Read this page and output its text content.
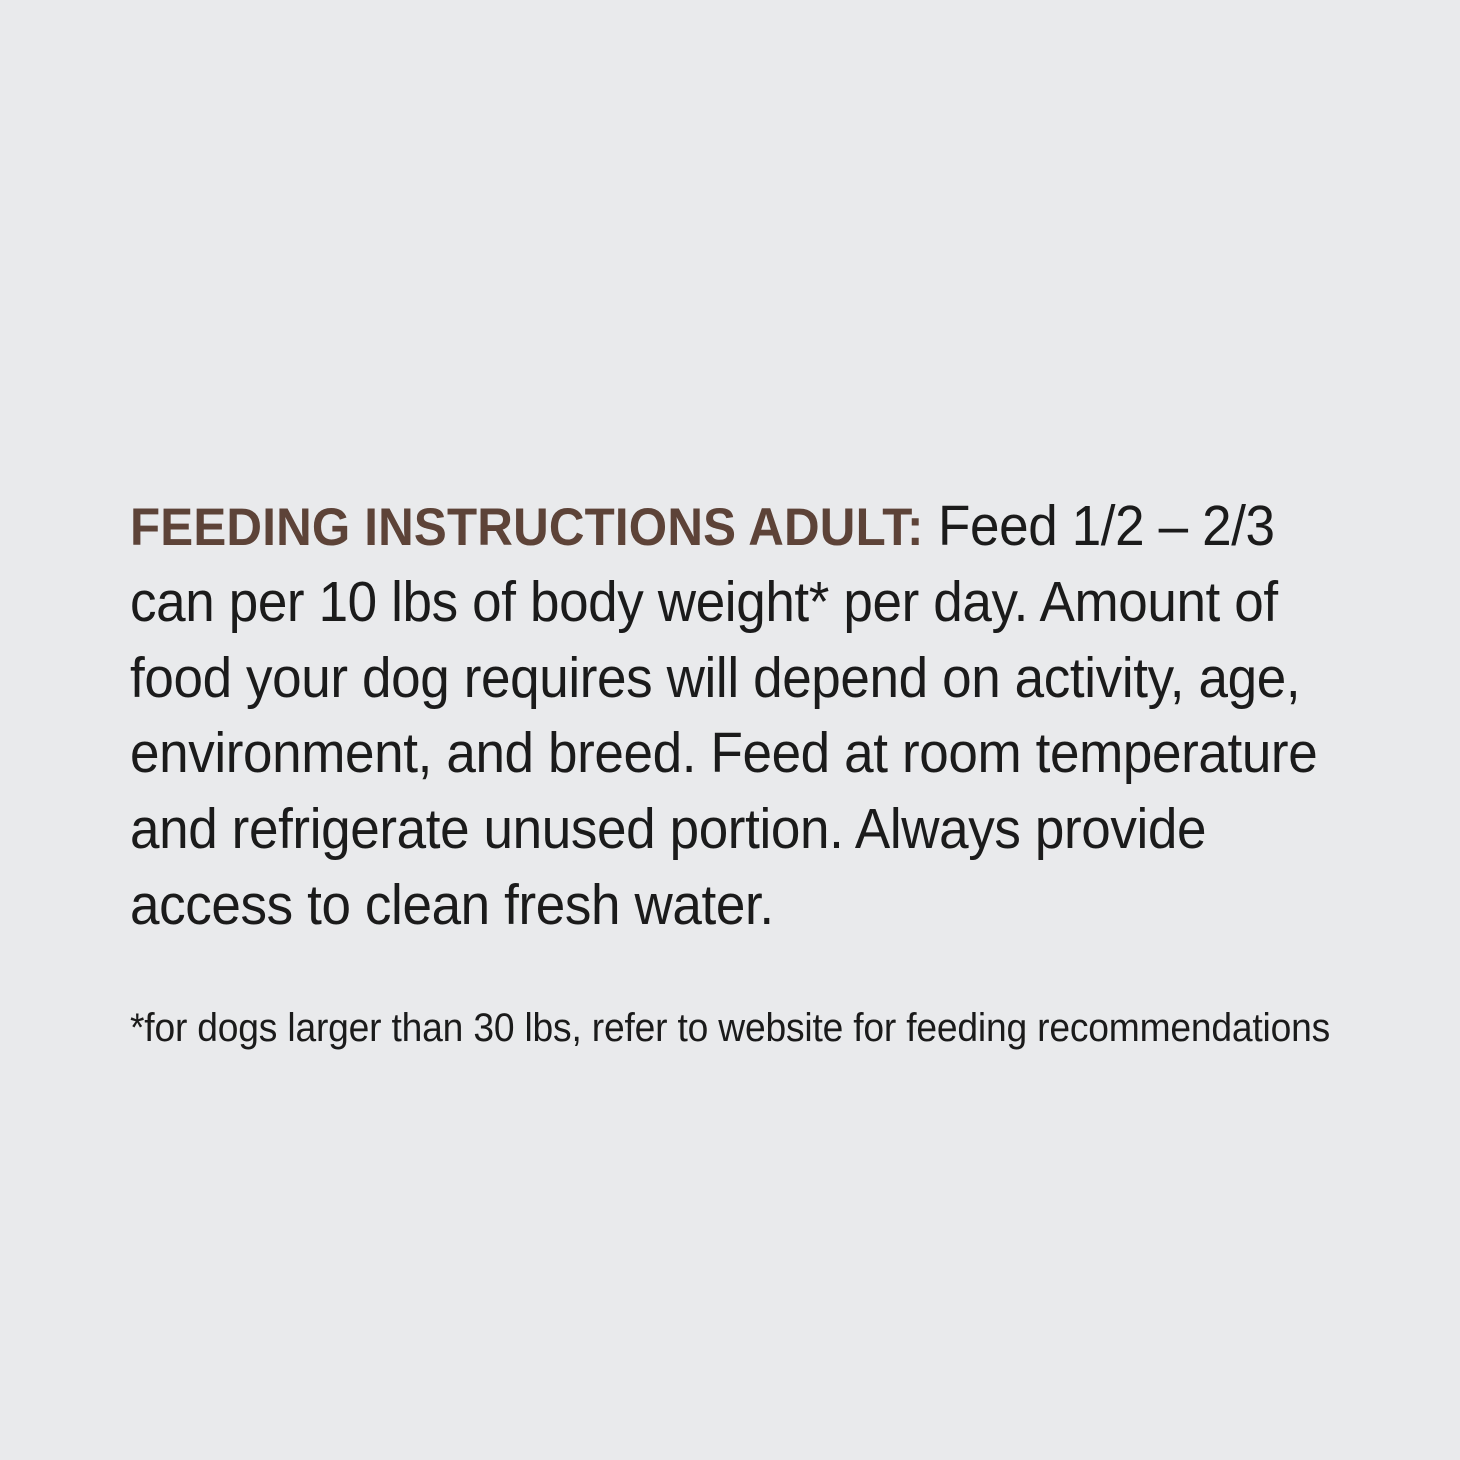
FEEDING INSTRUCTIONS ADULT: Feed 1/2 – 2/3 can per 10 lbs of body weight* per day. Amount of food your dog requires will depend on activity, age, environment, and breed. Feed at room temperature and refrigerate unused portion. Always provide access to clean fresh water.

*for dogs larger than 30 lbs, refer to website for feeding recommendations
